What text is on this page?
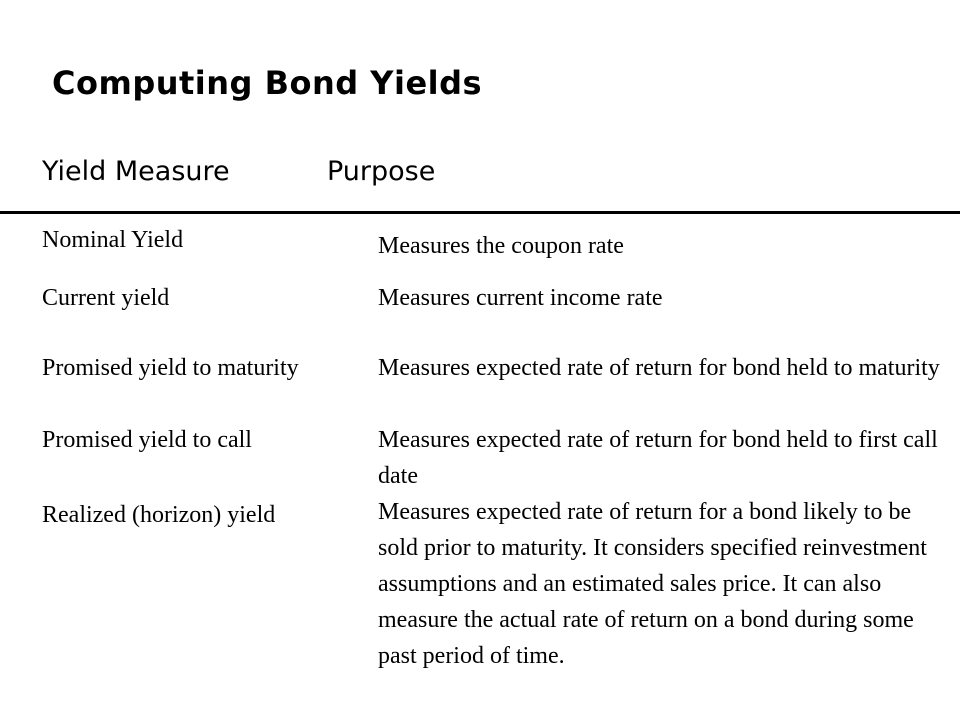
Computing Bond Yields
Yield Measure	Purpose
Nominal Yield	Measures the coupon rate
Current yield	Measures current income rate
Promised yield to maturity	Measures expected rate of return for bond held to maturity
Promised yield to call	Measures expected rate of return for bond held to first call date
Realized (horizon) yield	Measures expected rate of return for a bond likely to be sold prior to maturity. It considers specified reinvestment assumptions and an estimated sales price. It can also measure the actual rate of return on a bond during some past period of time.
